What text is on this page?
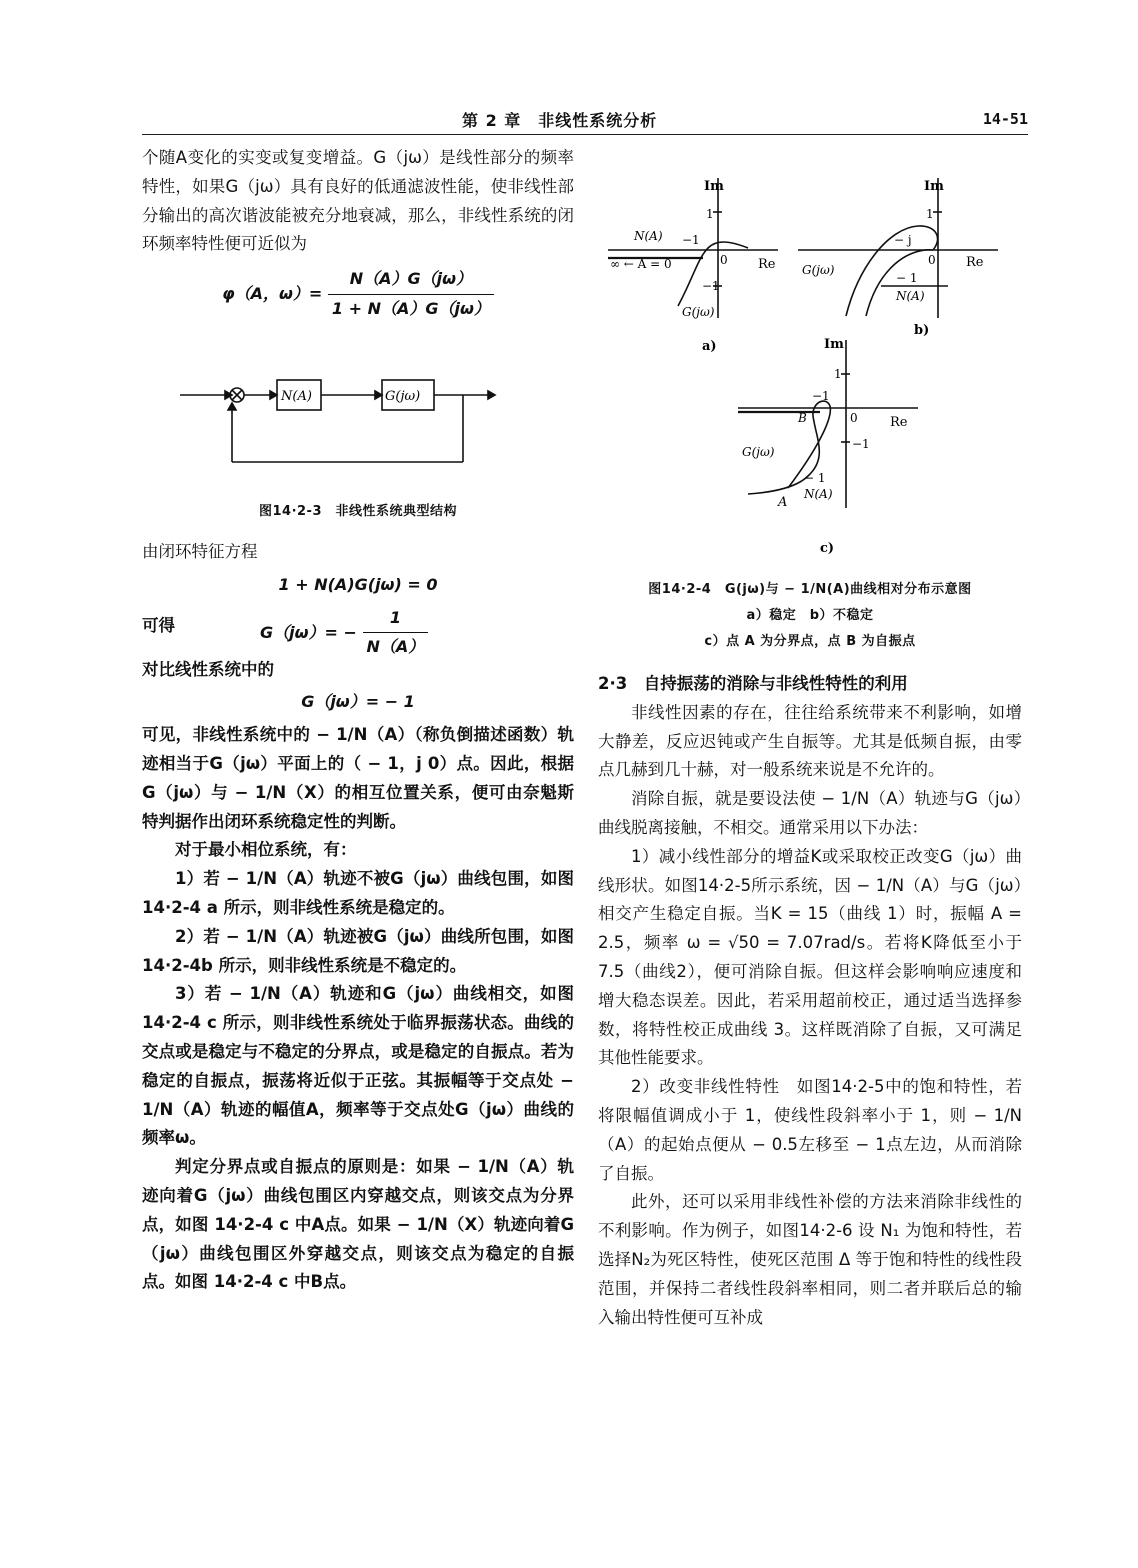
第 2 章　非线性系统分析	14-51

个随A变化的实变或复变增益。G（jω）是线性部分的频率特性，如果G（jω）具有良好的低通滤波性能，使非线性部分输出的高次谐波能被充分地衰减，那么，非线性系统的闭环频率特性便可近似为

φ（A，$\omega)= \frac{N(A)G(j\omega)}{1 + N(A)G(j\omega)}$
N(A)	G(jω)
图14·2-3　非线性系统典型结构

由闭环特征方程

1 + N(A)G(jω) = 0
可得	$G(j\omega)= - \frac{1}{N(A)}$

对比线性系统中的

G（jω）= − 1

可见，非线性系统中的 − 1/N（A）（称负倒描述函数）轨迹相当于G（jω）平面上的（ − 1，j 0）点。因此，根据G（jω）与 − 1/N（X）的相互位置关系，便可由奈魁斯特判据作出闭环系统稳定性的判断。

对于最小相位系统，有：

1）若 − 1/N（A）轨迹不被G（jω）曲线包围，如图14·2-4 a 所示，则非线性系统是稳定的。

2）若 − 1/N（A）轨迹被G（jω）曲线所包围，如图 14·2-4b 所示，则非线性系统是不稳定的。

3）若 − 1/N（A）轨迹和G（jω）曲线相交，如图14·2-4 c 所示，则非线性系统处于临界振荡状态。曲线的交点或是稳定与不稳定的分界点，或是稳定的自振点。若为稳定的自振点，振荡将近似于正弦。其振幅等于交点处 − 1/N（A）轨迹的幅值A，频率等于交点处G（jω）曲线的频率ω。

判定分界点或自振点的原则是：如果 − 1/N（A）轨迹向着G（jω）曲线包围区内穿越交点，则该交点为分界点，如图 14·2-4 c 中A点。如果 − 1/N（X）轨迹向着G（jω）曲线包围区外穿越交点，则该交点为稳定的自振点。如图 14·2-4 c 中B点。

Im
1
N(A) −1
∞ ← A = 0	0 Re
−1
G(jω)
a)
Im
1
− j
0 Re
G(jω)
− 1
N(A)
b)
Im
1
−1
0 Re
B
−1
G(jω)
− 1
N(A)
A
c)
图14·2-4　G(jω)与 − 1/N(A)曲线相对分布示意图
a）稳定　b）不稳定
c）点 A 为分界点，点 B 为自振点

2·3　自持振荡的消除与非线性特性的利用

非线性因素的存在，往往给系统带来不利影响，如增大静差，反应迟钝或产生自振等。尤其是低频自振，由零点几赫到几十赫，对一般系统来说是不允许的。

消除自振，就是要设法使 − 1/N（A）轨迹与G（jω）曲线脱离接触，不相交。通常采用以下办法：

1）减小线性部分的增益K或采取校正改变G（jω）曲线形状。如图14·2-5所示系统，因 − 1/N（A）与G（jω）相交产生稳定自振。当K = 15（曲线 1）时，振幅 A = 2.5，频率 ω = √50 = 7.07rad/s。若将K降低至小于 7.5（曲线2），便可消除自振。但这样会影响响应速度和增大稳态误差。因此，若采用超前校正，通过适当选择参数，将特性校正成曲线 3。这样既消除了自振，又可满足其他性能要求。

2）改变非线性特性　如图14·2-5中的饱和特性，若将限幅值调成小于 1，使线性段斜率小于 1，则 − 1/N（A）的起始点便从 − 0.5左移至 − 1点左边，从而消除了自振。

此外，还可以采用非线性补偿的方法来消除非线性的不利影响。作为例子，如图14·2-6 设 N₁ 为饱和特性，若选择N₂为死区特性，使死区范围 Δ 等于饱和特性的线性段范围，并保持二者线性段斜率相同，则二者并联后总的输入输出特性便可互补成
